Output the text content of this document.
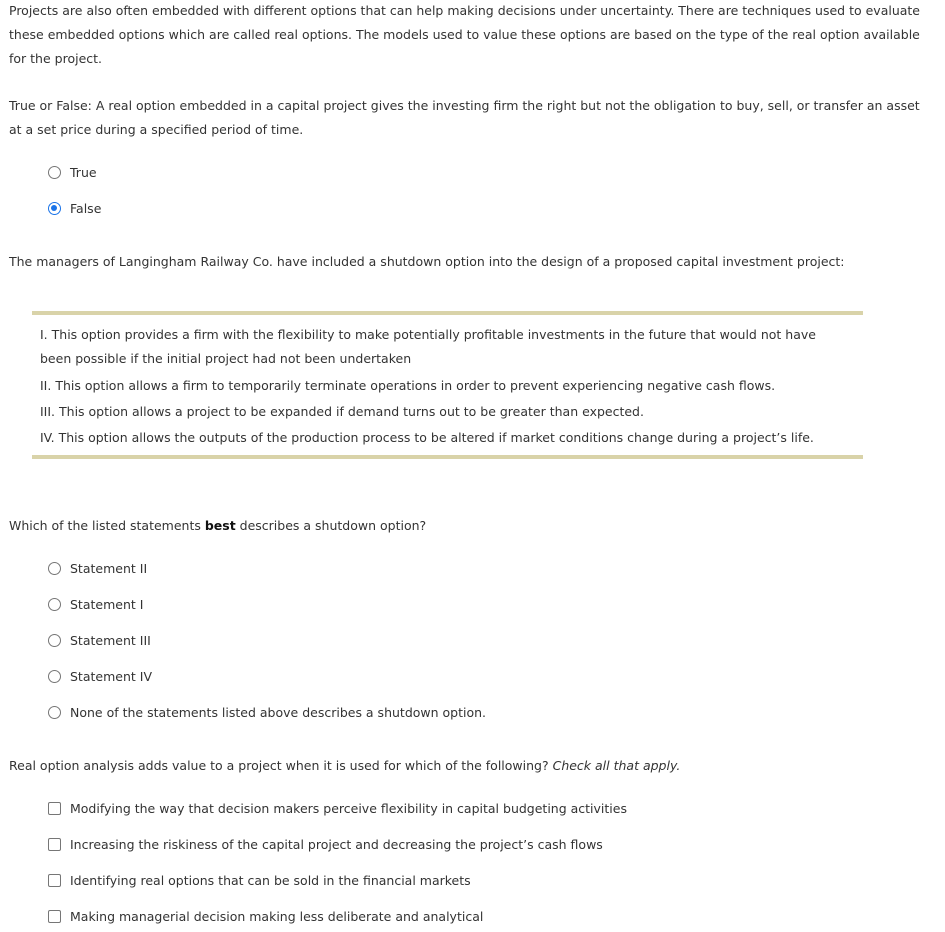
Projects are also often embedded with different options that can help making decisions under uncertainty. There are techniques used to evaluate these embedded options which are called real options. The models used to value these options are based on the type of the real option available for the project.

True or False: A real option embedded in a capital project gives the investing firm the right but not the obligation to buy, sell, or transfer an asset at a set price during a specified period of time.

True
False

The managers of Langingham Railway Co. have included a shutdown option into the design of a proposed capital investment project:

I. This option provides a firm with the flexibility to make potentially profitable investments in the future that would not have been possible if the initial project had not been undertaken
II. This option allows a firm to temporarily terminate operations in order to prevent experiencing negative cash flows.
III. This option allows a project to be expanded if demand turns out to be greater than expected.
IV. This option allows the outputs of the production process to be altered if market conditions change during a project’s life.

Which of the listed statements best describes a shutdown option?

Statement II
Statement I
Statement III
Statement IV
None of the statements listed above describes a shutdown option.

Real option analysis adds value to a project when it is used for which of the following? Check all that apply.

Modifying the way that decision makers perceive flexibility in capital budgeting activities
Increasing the riskiness of the capital project and decreasing the project’s cash flows
Identifying real options that can be sold in the financial markets
Making managerial decision making less deliberate and analytical
